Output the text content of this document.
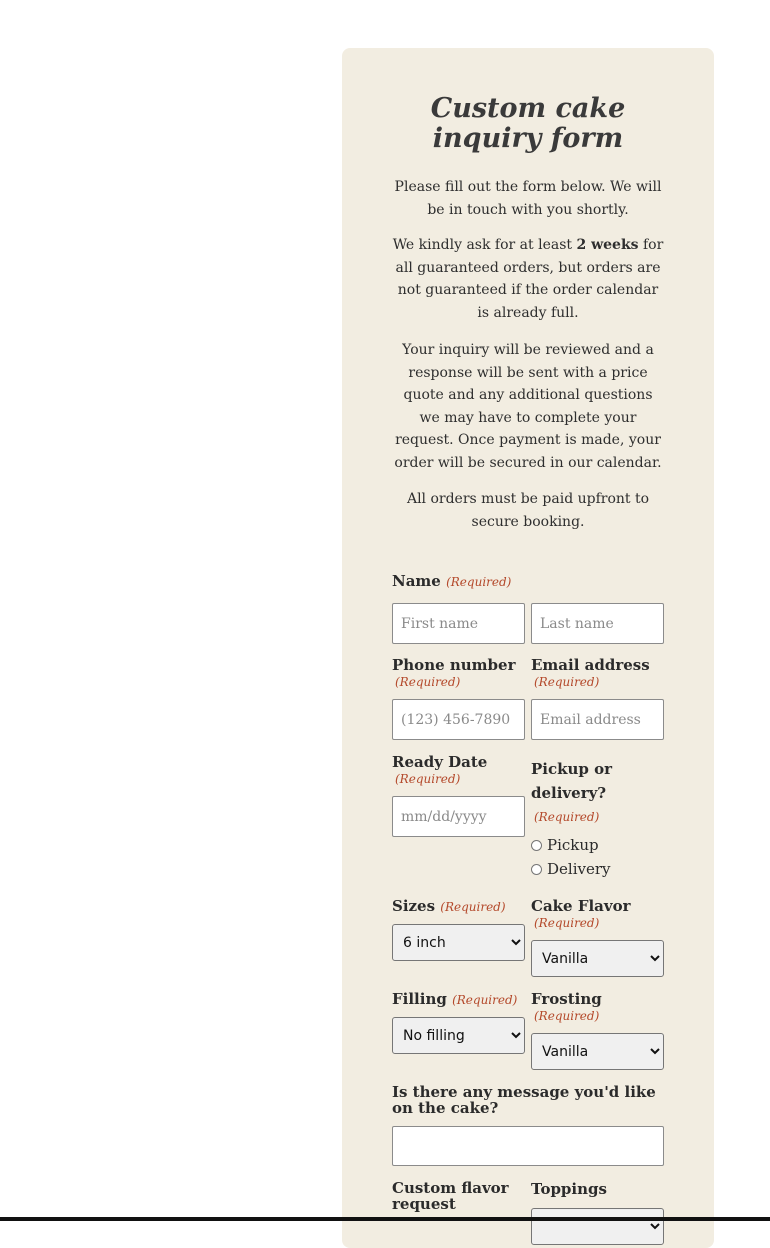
Custom cake inquiry form

Please fill out the form below. We will be in touch with you shortly.

We kindly ask for at least 2 weeks for all guaranteed orders, but orders are not guaranteed if the order calendar is already full.

Your inquiry will be reviewed and a response will be sent with a price quote and any additional questions we may have to complete your request. Once payment is made, your order will be secured in our calendar.

All orders must be paid upfront to secure booking.

Name (Required)
First name
Last name
Phone number
(Required)
Email address
(Required)
(123) 456-7890
Email address
Ready Date
(Required)
mm/dd/yyyy
Pickup or delivery?
(Required)
Pickup
Delivery
Sizes (Required)
6 inch Cake Flavor
(Required)
Vanilla
Filling (Required)
No filling Frosting
(Required)
Vanilla
Is there any message you'd like on the cake?
Custom flavor request
Toppings
